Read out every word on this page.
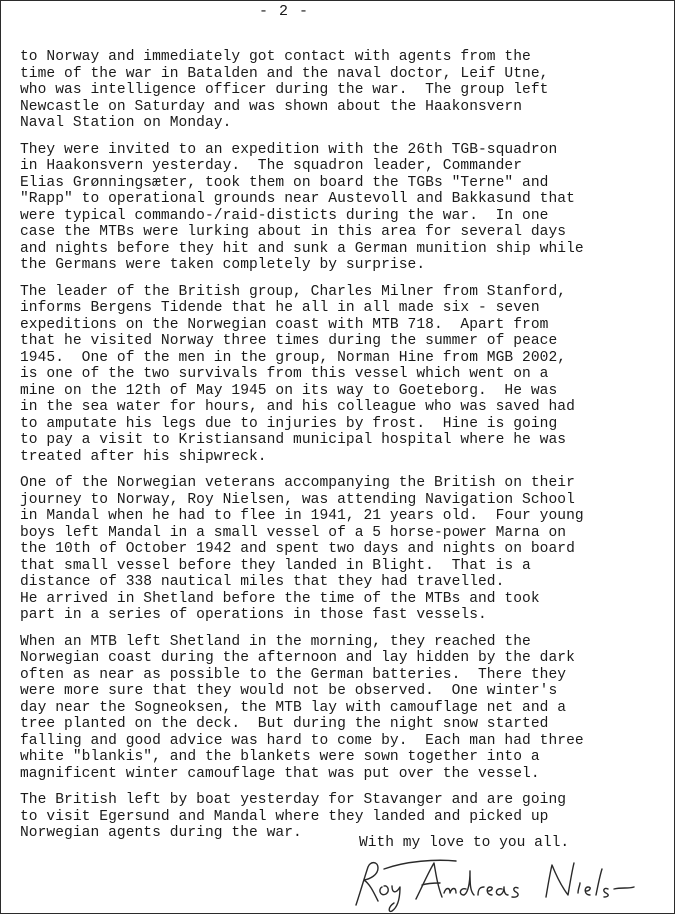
- 2 -

to Norway and immediately got contact with agents from the
time of the war in Batalden and the naval doctor, Leif Utne,
who was intelligence officer during the war.  The group left
Newcastle on Saturday and was shown about the Haakonsvern
Naval Station on Monday.

They were invited to an expedition with the 26th TGB-squadron
in Haakonsvern yesterday.  The squadron leader, Commander
Elias Grønningsæter, took them on board the TGBs "Terne" and
"Rapp" to operational grounds near Austevoll and Bakkasund that
were typical commando-/raid-disticts during the war.  In one
case the MTBs were lurking about in this area for several days
and nights before they hit and sunk a German munition ship while
the Germans were taken completely by surprise.

The leader of the British group, Charles Milner from Stanford,
informs Bergens Tidende that he all in all made six - seven
expeditions on the Norwegian coast with MTB 718.  Apart from
that he visited Norway three times during the summer of peace
1945.  One of the men in the group, Norman Hine from MGB 2002,
is one of the two survivals from this vessel which went on a
mine on the 12th of May 1945 on its way to Goeteborg.  He was
in the sea water for hours, and his colleague who was saved had
to amputate his legs due to injuries by frost.  Hine is going
to pay a visit to Kristiansand municipal hospital where he was
treated after his shipwreck.

One of the Norwegian veterans accompanying the British on their
journey to Norway, Roy Nielsen, was attending Navigation School
in Mandal when he had to flee in 1941, 21 years old.  Four young
boys left Mandal in a small vessel of a 5 horse-power Marna on
the 10th of October 1942 and spent two days and nights on board
that small vessel before they landed in Blight.  That is a
distance of 338 nautical miles that they had travelled.
He arrived in Shetland before the time of the MTBs and took
part in a series of operations in those fast vessels.

When an MTB left Shetland in the morning, they reached the
Norwegian coast during the afternoon and lay hidden by the dark
often as near as possible to the German batteries.  There they
were more sure that they would not be observed.  One winter's
day near the Sogneoksen, the MTB lay with camouflage net and a
tree planted on the deck.  But during the night snow started
falling and good advice was hard to come by.  Each man had three
white "blankis", and the blankets were sown together into a
magnificent winter camouflage that was put over the vessel.

The British left by boat yesterday for Stavanger and are going
to visit Egersund and Mandal where they landed and picked up
Norwegian agents during the war.

With my love to you all.
